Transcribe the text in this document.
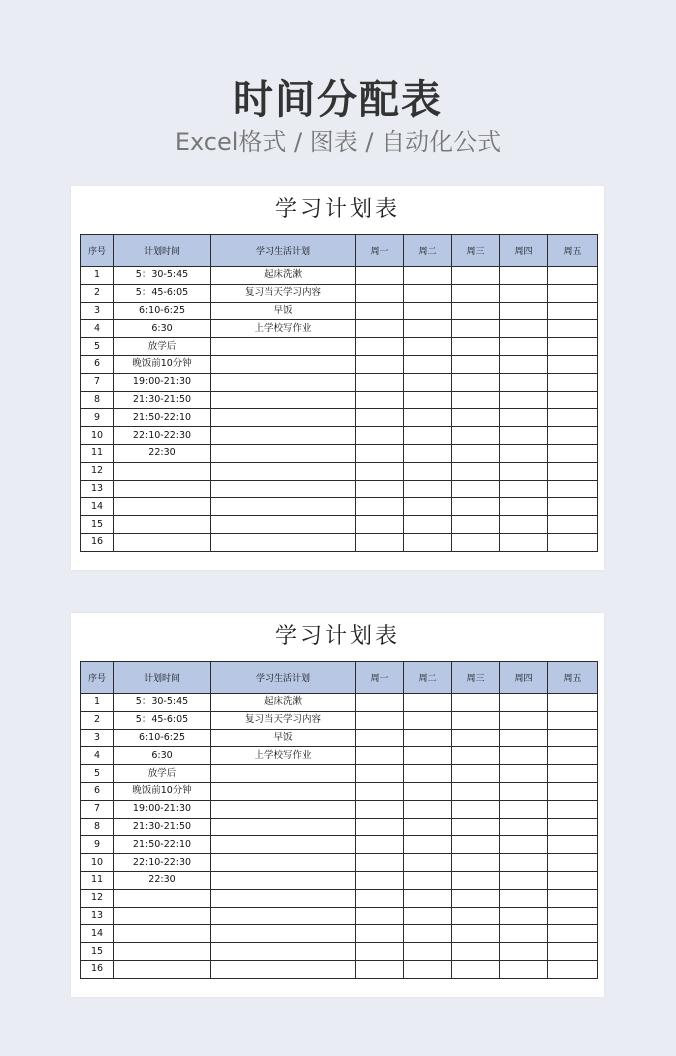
时间分配表
Excel格式 / 图表 / 自动化公式
学习计划表
序号	计划时间	学习生活计划	周一	周二	周三	周四	周五
1	5：30-5:45	起床洗漱					
2	5：45-6:05	复习当天学习内容					
3	6:10-6:25	早饭					
4	6:30	上学校写作业					
5	放学后						
6	晚饭前10分钟						
7	19:00-21:30						
8	21:30-21:50						
9	21:50-22:10						
10	22:10-22:30						
11	22:30						
12							
13							
14							
15							
16							
学习计划表
序号	计划时间	学习生活计划	周一	周二	周三	周四	周五
1	5：30-5:45	起床洗漱					
2	5：45-6:05	复习当天学习内容					
3	6:10-6:25	早饭					
4	6:30	上学校写作业					
5	放学后						
6	晚饭前10分钟						
7	19:00-21:30						
8	21:30-21:50						
9	21:50-22:10						
10	22:10-22:30						
11	22:30						
12							
13							
14							
15							
16							
